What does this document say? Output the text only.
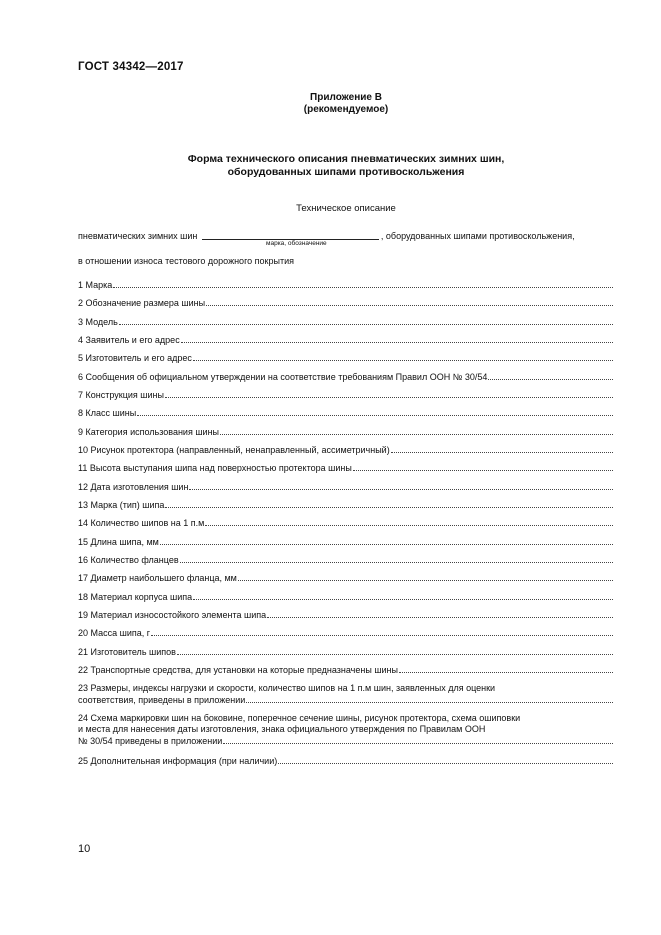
ГОСТ 34342—2017
Приложение В
(рекомендуемое)
Форма технического описания пневматических зимних шин,
оборудованных шипами противоскольжения
Техническое описание
пневматических зимних шин	, оборудованных шипами противоскольжения,
марка, обозначение
в отношении износа тестового дорожного покрытия
1 Марка
2 Обозначение размера шины
3 Модель
4 Заявитель и его адрес
5 Изготовитель и его адрес
6 Сообщения об официальном утверждении на соответствие требованиям Правил ООН № 30/54
7 Конструкция шины
8 Класс шины
9 Категория использования шины
10 Рисунок протектора (направленный, ненаправленный, ассиметричный)
11 Высота выступания шипа над поверхностью протектора шины
12 Дата изготовления шин
13 Марка (тип) шипа
14 Количество шипов на 1 п.м
15 Длина шипа, мм
16 Количество фланцев
17 Диаметр наибольшего фланца, мм
18 Материал корпуса шипа
19 Материал износостойкого элемента шипа
20 Масса шипа, г
21 Изготовитель шипов
22 Транспортные средства, для установки на которые предназначены шины
23 Размеры, индексы нагрузки и скорости, количество шипов на 1 п.м шин, заявленных для оценки
соответствия, приведены в приложении
24 Схема маркировки шин на боковине, поперечное сечение шины, рисунок протектора, схема ошиповки
и места для нанесения даты изготовления, знака официального утверждения по Правилам ООН
№ 30/54 приведены в приложении
25 Дополнительная информация (при наличии)
10
